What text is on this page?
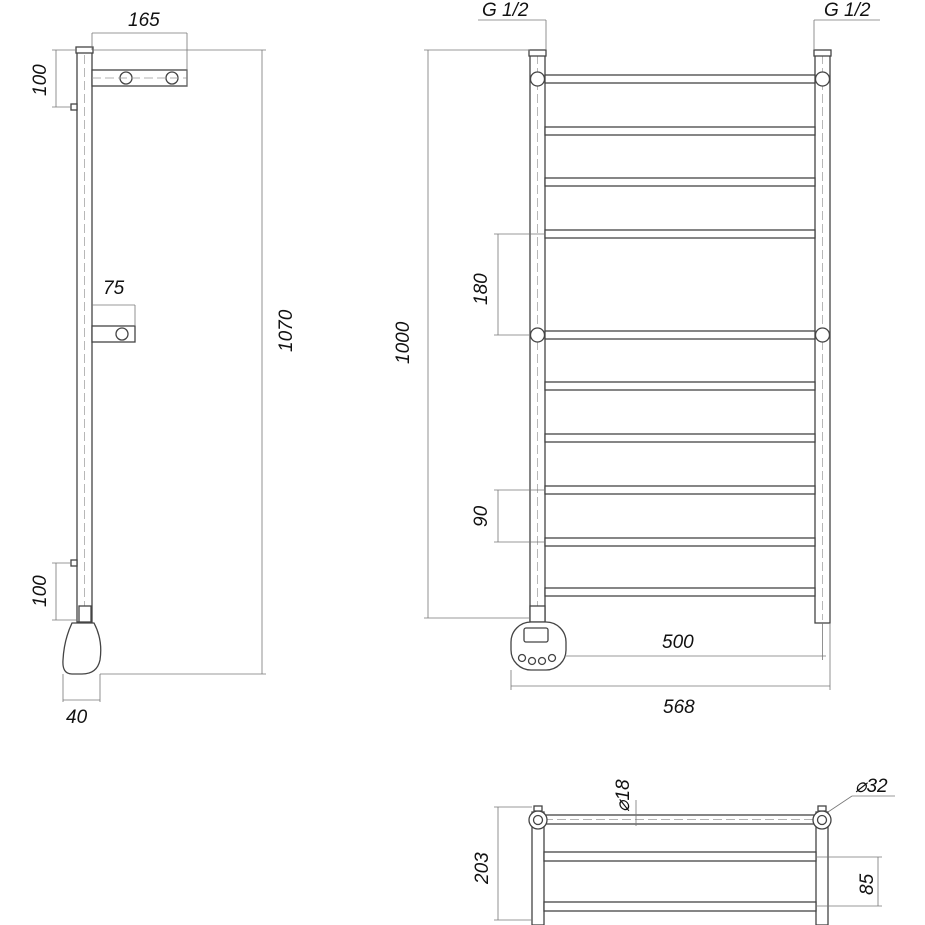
165
100
75
1070
100
40
G 1/2	G 1/2
1000
180
90
500
568
⌀18	⌀32
203
85
